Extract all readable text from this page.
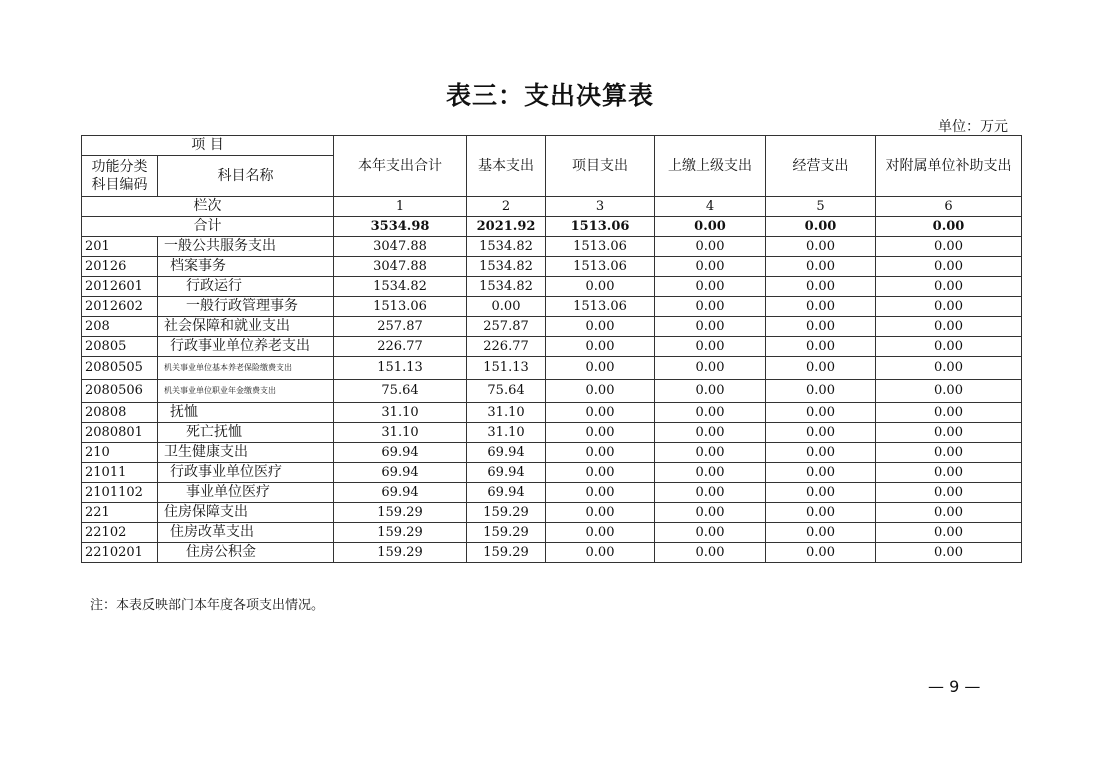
表三：支出决算表
单位：万元
项 目		本年支出合计	基本支出	项目支出	上缴上级支出	经营支出	对附属单位补助支出

功能分类
科目编码	科目名称						
栏次		1	2	3	4	5	6
合计		3534.98	2021.92	1513.06	0.00	0.00	0.00
201	一般公共服务支出	3047.88	1534.82	1513.06	0.00	0.00	0.00
20126	档案事务	3047.88	1534.82	1513.06	0.00	0.00	0.00
2012601	行政运行	1534.82	1534.82	0.00	0.00	0.00	0.00
2012602	一般行政管理事务	1513.06	0.00	1513.06	0.00	0.00	0.00
208	社会保障和就业支出	257.87	257.87	0.00	0.00	0.00	0.00
20805	行政事业单位养老支出	226.77	226.77	0.00	0.00	0.00	0.00
2080505	机关事业单位基本养老保险缴费支出	151.13	151.13	0.00	0.00	0.00	0.00
2080506	机关事业单位职业年金缴费支出	75.64	75.64	0.00	0.00	0.00	0.00
20808	抚恤	31.10	31.10	0.00	0.00	0.00	0.00
2080801	死亡抚恤	31.10	31.10	0.00	0.00	0.00	0.00
210	卫生健康支出	69.94	69.94	0.00	0.00	0.00	0.00
21011	行政事业单位医疗	69.94	69.94	0.00	0.00	0.00	0.00
2101102	事业单位医疗	69.94	69.94	0.00	0.00	0.00	0.00
221	住房保障支出	159.29	159.29	0.00	0.00	0.00	0.00
22102	住房改革支出	159.29	159.29	0.00	0.00	0.00	0.00
2210201	住房公积金	159.29	159.29	0.00	0.00	0.00	0.00
注：本表反映部门本年度各项支出情况。
— 9 —
